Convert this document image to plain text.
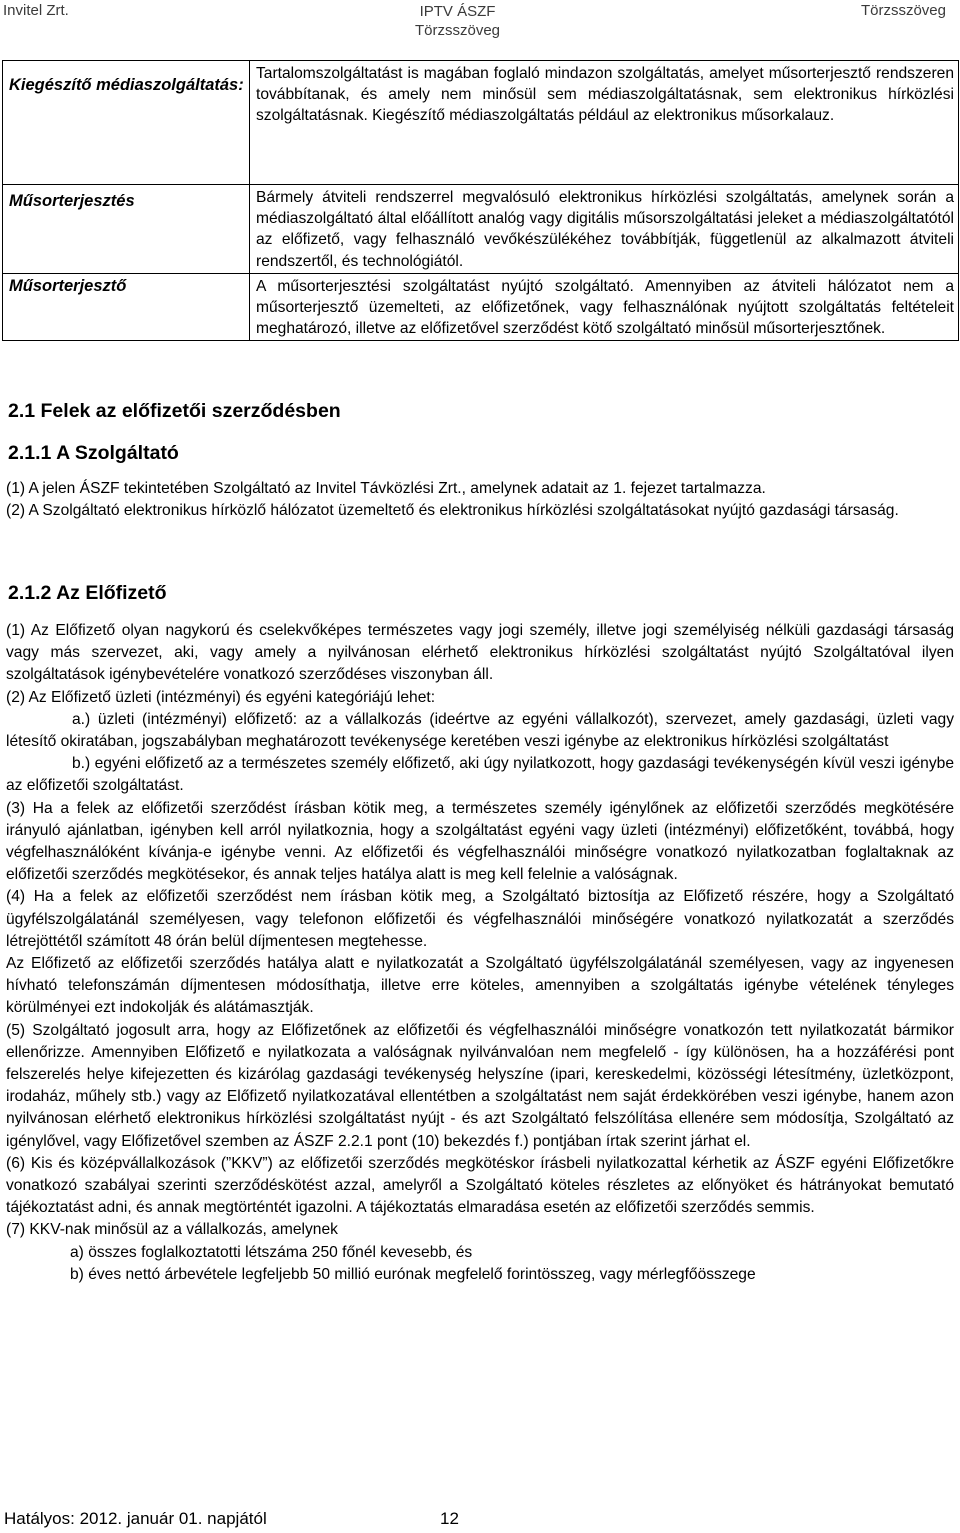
Invitel Zrt.	IPTV ÁSZF
Törzsszöveg
Törzsszöveg
Kiegészítő médiaszolgáltatás:	Tartalomszolgáltatást is magában foglaló mindazon szolgáltatás, amelyet műsorterjesztő rendszeren továbbítanak, és amely nem minősül sem médiaszolgáltatásnak, sem elektronikus hírközlési szolgáltatásnak. Kiegészítő médiaszolgáltatás például az elektronikus műsorkalauz.
Műsorterjesztés	Bármely átviteli rendszerrel megvalósuló elektronikus hírközlési szolgáltatás, amelynek során a médiaszolgáltató által előállított analóg vagy digitális műsorszolgáltatási jeleket a médiaszolgáltatótól az előfizető, vagy felhasználó vevőkészülékéhez továbbítják, függetlenül az alkalmazott átviteli rendszertől, és technológiától.
Műsorterjesztő	A műsorterjesztési szolgáltatást nyújtó szolgáltató. Amennyiben az átviteli hálózatot nem a műsorterjesztő üzemelteti, az előfizetőnek, vagy felhasználónak nyújtott szolgáltatás feltételeit meghatározó, illetve az előfizetővel szerződést kötő szolgáltató minősül műsorterjesztőnek.
2.1 Felek az előfizetői szerződésben
2.1.1 A Szolgáltató

(1) A jelen ÁSZF tekintetében Szolgáltató az Invitel Távközlési Zrt., amelynek adatait az 1. fejezet tartalmazza.

(2) A Szolgáltató elektronikus hírközlő hálózatot üzemeltető és elektronikus hírközlési szolgáltatásokat nyújtó gazdasági társaság.

2.1.2 Az Előfizető

(1) Az Előfizető olyan nagykorú és cselekvőképes természetes vagy jogi személy, illetve jogi személyiség nélküli gazdasági társaság vagy más szervezet, aki, vagy amely a nyilvánosan elérhető elektronikus hírközlési szolgáltatást nyújtó Szolgáltatóval ilyen szolgáltatások igénybevételére vonatkozó szerződéses viszonyban áll.

(2) Az Előfizető üzleti (intézményi) és egyéni kategóriájú lehet:

a.) üzleti (intézményi) előfizető: az a vállalkozás (ideértve az egyéni vállalkozót), szervezet, amely gazdasági, üzleti vagy létesítő okiratában, jogszabályban meghatározott tevékenysége keretében veszi igénybe az elektronikus hírközlési szolgáltatást

b.) egyéni előfizető az a természetes személy előfizető, aki úgy nyilatkozott, hogy gazdasági tevékenységén kívül veszi igénybe az előfizetői szolgáltatást.

(3) Ha a felek az előfizetői szerződést írásban kötik meg, a természetes személy igénylőnek az előfizetői szerződés megkötésére irányuló ajánlatban, igényben kell arról nyilatkoznia, hogy a szolgáltatást egyéni vagy üzleti (intézményi) előfizetőként, továbbá, hogy végfelhasználóként kívánja-e igénybe venni. Az előfizetői és végfelhasználói minőségre vonatkozó nyilatkozatban foglaltaknak az előfizetői szerződés megkötésekor, és annak teljes hatálya alatt is meg kell felelnie a valóságnak.

(4) Ha a felek az előfizetői szerződést nem írásban kötik meg, a Szolgáltató biztosítja az Előfizető részére, hogy a Szolgáltató ügyfélszolgálatánál személyesen, vagy telefonon előfizetői és végfelhasználói minőségére vonatkozó nyilatkozatát a szerződés létrejöttétől számított 48 órán belül díjmentesen megtehesse.

Az Előfizető az előfizetői szerződés hatálya alatt e nyilatkozatát a Szolgáltató ügyfélszolgálatánál személyesen, vagy az ingyenesen hívható telefonszámán díjmentesen módosíthatja, illetve erre köteles, amennyiben a szolgáltatás igénybe vételének tényleges körülményei ezt indokolják és alátámasztják.

(5) Szolgáltató jogosult arra, hogy az Előfizetőnek az előfizetői és végfelhasználói minőségre vonatkozón tett nyilatkozatát bármikor ellenőrizze. Amennyiben Előfizető e nyilatkozata a valóságnak nyilvánvalóan nem megfelelő - így különösen, ha a hozzáférési pont felszerelés helye kifejezetten és kizárólag gazdasági tevékenység helyszíne (ipari, kereskedelmi, közösségi létesítmény, üzletközpont, irodaház, műhely stb.) vagy az Előfizető nyilatkozatával ellentétben a szolgáltatást nem saját érdekkörében veszi igénybe, hanem azon nyilvánosan elérhető elektronikus hírközlési szolgáltatást nyújt - és azt Szolgáltató felszólítása ellenére sem módosítja, Szolgáltató az igénylővel, vagy Előfizetővel szemben az ÁSZF 2.2.1 pont (10) bekezdés f.) pontjában írtak szerint járhat el.

(6) Kis és középvállalkozások (”KKV”) az előfizetői szerződés megkötéskor írásbeli nyilatkozattal kérhetik az ÁSZF egyéni Előfizetőkre vonatkozó szabályai szerinti szerződéskötést azzal, amelyről a Szolgáltató köteles részletes az előnyöket és hátrányokat bemutató tájékoztatást adni, és annak megtörténtét igazolni. A tájékoztatás elmaradása esetén az előfizetői szerződés semmis.

(7) KKV-nak minősül az a vállalkozás, amelynek

a) összes foglalkoztatotti létszáma 250 főnél kevesebb, és

b) éves nettó árbevétele legfeljebb 50 millió eurónak megfelelő forintösszeg, vagy mérlegfőösszege

Hatályos: 2012. január 01. napjától	12
